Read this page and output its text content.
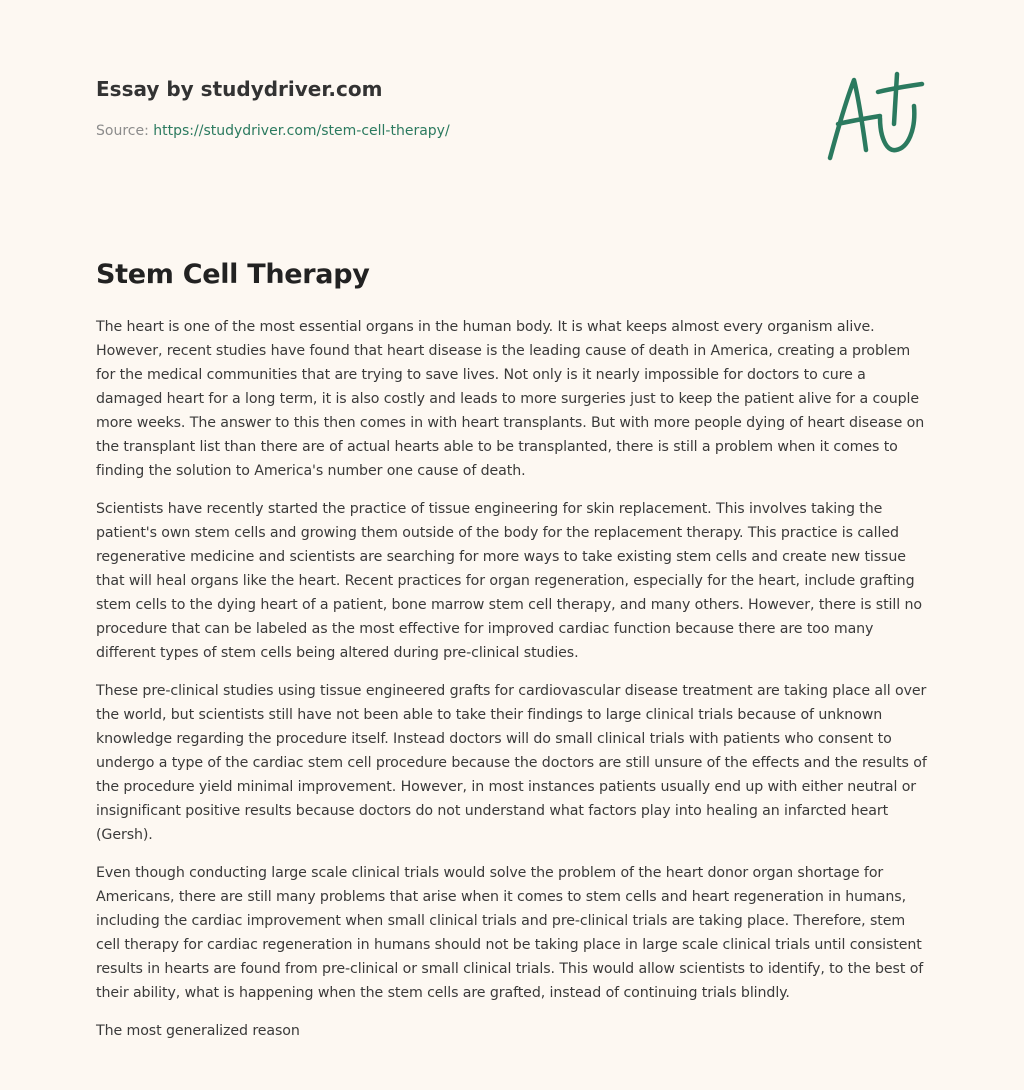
Essay by studydriver.com
Source: https://studydriver.com/stem-cell-therapy/
Stem Cell Therapy

The heart is one of the most essential organs in the human body. It is what keeps almost every organism alive. However, recent studies have found that heart disease is the leading cause of death in America, creating a problem for the medical communities that are trying to save lives. Not only is it nearly impossible for doctors to cure a damaged heart for a long term, it is also costly and leads to more surgeries just to keep the patient alive for a couple more weeks. The answer to this then comes in with heart transplants. But with more people dying of heart disease on the transplant list than there are of actual hearts able to be transplanted, there is still a problem when it comes to finding the solution to America's number one cause of death.

Scientists have recently started the practice of tissue engineering for skin replacement. This involves taking the patient's own stem cells and growing them outside of the body for the replacement therapy. This practice is called regenerative medicine and scientists are searching for more ways to take existing stem cells and create new tissue that will heal organs like the heart. Recent practices for organ regeneration, especially for the heart, include grafting stem cells to the dying heart of a patient, bone marrow stem cell therapy, and many others. However, there is still no procedure that can be labeled as the most effective for improved cardiac function because there are too many different types of stem cells being altered during pre-clinical studies.

These pre-clinical studies using tissue engineered grafts for cardiovascular disease treatment are taking place all over the world, but scientists still have not been able to take their findings to large clinical trials because of unknown knowledge regarding the procedure itself. Instead doctors will do small clinical trials with patients who consent to undergo a type of the cardiac stem cell procedure because the doctors are still unsure of the effects and the results of the procedure yield minimal improvement. However, in most instances patients usually end up with either neutral or insignificant positive results because doctors do not understand what factors play into healing an infarcted heart (Gersh).

Even though conducting large scale clinical trials would solve the problem of the heart donor organ shortage for Americans, there are still many problems that arise when it comes to stem cells and heart regeneration in humans, including the cardiac improvement when small clinical trials and pre-clinical trials are taking place. Therefore, stem cell therapy for cardiac regeneration in humans should not be taking place in large scale clinical trials until consistent results in hearts are found from pre-clinical or small clinical trials. This would allow scientists to identify, to the best of their ability, what is happening when the stem cells are grafted, instead of continuing trials blindly.

The most generalized reason
